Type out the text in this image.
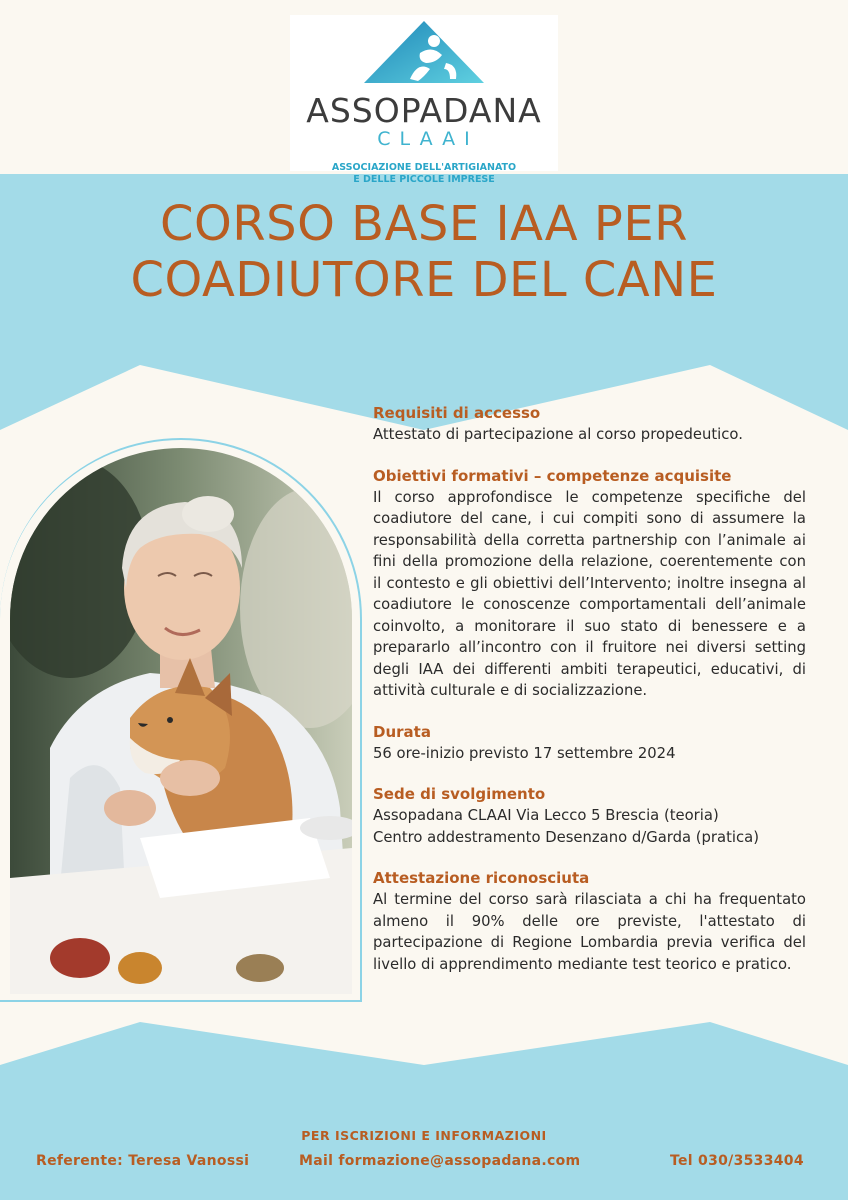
ASSOPADANA
CLAAI
ASSOCIAZIONE DELL'ARTIGIANATO
E DELLE PICCOLE IMPRESE
CORSO BASE IAA PER
COADIUTORE DEL CANE
Requisiti di accesso

Attestato di partecipazione al corso propedeutico.

Obiettivi formativi – competenze acquisite

Il corso approfondisce le competenze specifiche del coadiutore del cane, i cui compiti sono di assumere la responsabilità della corretta partnership con l’animale ai fini della promozione della relazione, coerentemente con il contesto e gli obiettivi dell’Intervento; inoltre insegna al coadiutore le conoscenze comportamentali dell’animale coinvolto, a monitorare il suo stato di benessere e a prepararlo all’incontro con il fruitore nei diversi setting degli IAA dei differenti ambiti terapeutici, educativi, di attività culturale e di socializzazione.

Durata

56 ore-inizio previsto 17 settembre 2024

Sede di svolgimento

Assopadana CLAAI Via Lecco 5 Brescia (teoria)

Centro addestramento Desenzano d/Garda (pratica)

Attestazione riconosciuta

Al termine del corso sarà rilasciata a chi ha frequentato almeno il 90% delle ore previste, l'attestato di partecipazione di Regione Lombardia previa verifica del livello di apprendimento mediante test teorico e pratico.

PER ISCRIZIONI E INFORMAZIONI
Referente: Teresa Vanossi	Mail formazione@assopadana.com	Tel 030/3533404
